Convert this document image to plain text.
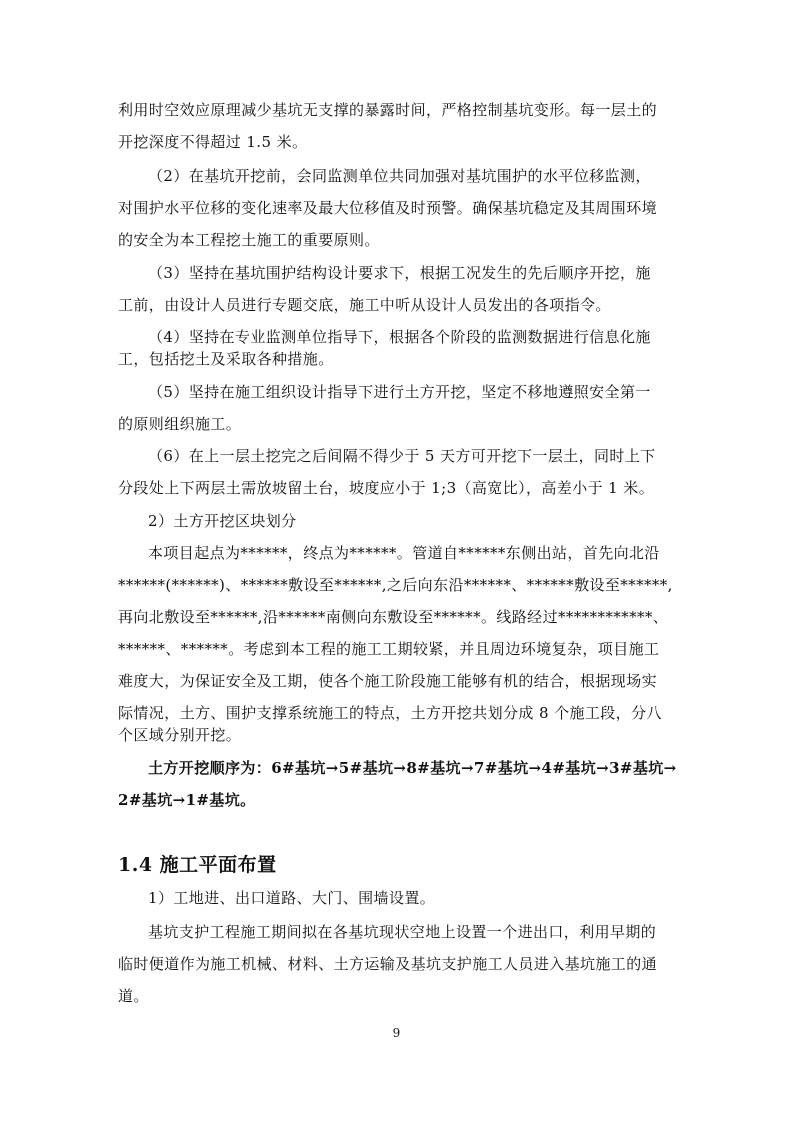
利用时空效应原理减少基坑无支撑的暴露时间，严格控制基坑变形。每一层土的
开挖深度不得超过 1.5 米。
（2）在基坑开挖前，会同监测单位共同加强对基坑围护的水平位移监测，
对围护水平位移的变化速率及最大位移值及时预警。确保基坑稳定及其周围环境
的安全为本工程挖土施工的重要原则。
（3）坚持在基坑围护结构设计要求下，根据工况发生的先后顺序开挖，施
工前，由设计人员进行专题交底，施工中听从设计人员发出的各项指令。
（4）坚持在专业监测单位指导下，根据各个阶段的监测数据进行信息化施
工，包括挖土及采取各种措施。
（5）坚持在施工组织设计指导下进行土方开挖，坚定不移地遵照安全第一
的原则组织施工。
（6）在上一层土挖完之后间隔不得少于 5 天方可开挖下一层土，同时上下
分段处上下两层土需放坡留土台，坡度应小于 1;3（高宽比），高差小于 1 米。
2）土方开挖区块划分
本项目起点为******，终点为******。管道自******东侧出站，首先向北沿
******(******)、******敷设至******,之后向东沿******、******敷设至******,
再向北敷设至******,沿******南侧向东敷设至******。线路经过************、
******、******。考虑到本工程的施工工期较紧，并且周边环境复杂，项目施工
难度大，为保证安全及工期，使各个施工阶段施工能够有机的结合，根据现场实
际情况，土方、围护支撑系统施工的特点，土方开挖共划分成 8 个施工段，分八
个区域分别开挖。
土方开挖顺序为：6#基坑→5#基坑→8#基坑→7#基坑→4#基坑→3#基坑→
2#基坑→1#基坑。
1.4 施工平面布置
1）工地进、出口道路、大门、围墙设置。
基坑支护工程施工期间拟在各基坑现状空地上设置一个进出口，利用早期的
临时便道作为施工机械、材料、土方运输及基坑支护施工人员进入基坑施工的通
道。
9
